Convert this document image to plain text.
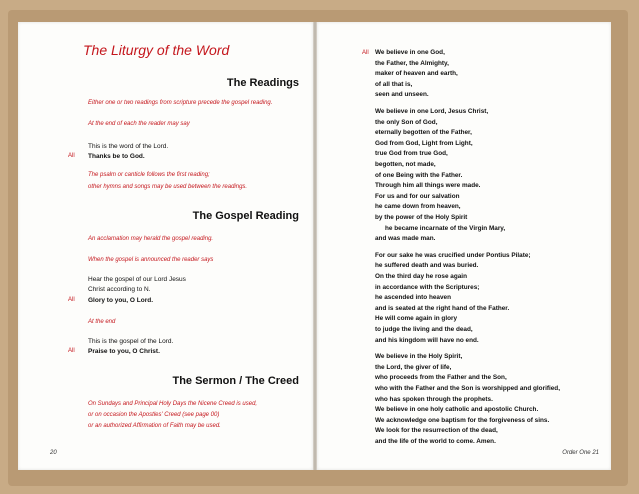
The Liturgy of the Word
The Readings
Either one or two readings from scripture precede the gospel reading.
At the end of each the reader may say
This is the word of the Lord.
All Thanks be to God.
The psalm or canticle follows the first reading;
other hymns and songs may be used between the readings.
The Gospel Reading
An acclamation may herald the gospel reading.
When the gospel is announced the reader says
Hear the gospel of our Lord Jesus
Christ according to N.
All Glory to you, O Lord.
At the end
This is the gospel of the Lord.
All Praise to you, O Christ.
The Sermon / The Creed
On Sundays and Principal Holy Days the Nicene Creed is used,
or on occasion the Apostles' Creed (see page 00)
or an authorized Affirmation of Faith may be used.
20
All We believe in one God,
the Father, the Almighty,
maker of heaven and earth,
of all that is,
seen and unseen.
We believe in one Lord, Jesus Christ,
the only Son of God,
eternally begotten of the Father,
God from God, Light from Light,
true God from true God,
begotten, not made,
of one Being with the Father.
Through him all things were made.
For us and for our salvation
he came down from heaven,
by the power of the Holy Spirit
he became incarnate of the Virgin Mary,
and was made man.
For our sake he was crucified under Pontius Pilate;
he suffered death and was buried.
On the third day he rose again
in accordance with the Scriptures;
he ascended into heaven
and is seated at the right hand of the Father.
He will come again in glory
to judge the living and the dead,
and his kingdom will have no end.
We believe in the Holy Spirit,
the Lord, the giver of life,
who proceeds from the Father and the Son,
who with the Father and the Son is worshipped and glorified,
who has spoken through the prophets.
We believe in one holy catholic and apostolic Church.
We acknowledge one baptism for the forgiveness of sins.
We look for the resurrection of the dead,
and the life of the world to come. Amen.
Order One 21
